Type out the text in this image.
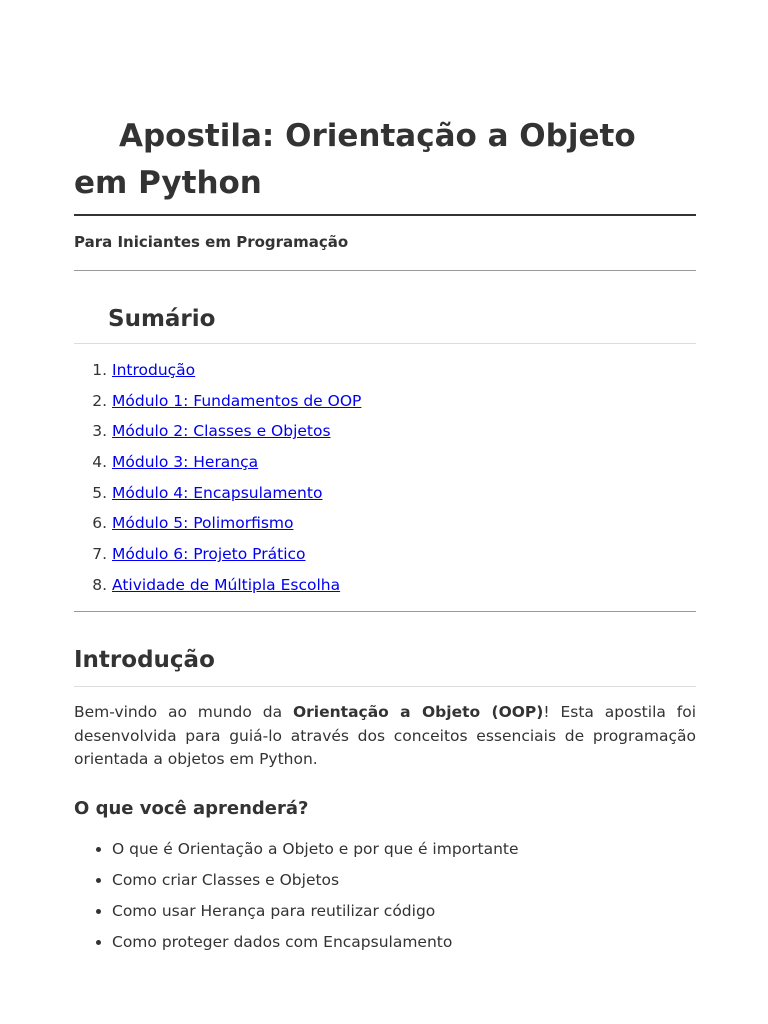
Apostila: Orientação a Objeto em Python

Para Iniciantes em Programação

Sumário
1. Introdução
2. Módulo 1: Fundamentos de OOP
3. Módulo 2: Classes e Objetos
4. Módulo 3: Herança
5. Módulo 4: Encapsulamento
6. Módulo 5: Polimorfismo
7. Módulo 6: Projeto Prático
8. Atividade de Múltipla Escolha
Introdução

Bem-vindo ao mundo da Orientação a Objeto (OOP)! Esta apostila foi desenvolvida para guiá-lo através dos conceitos essenciais de programação orientada a objetos em Python.

O que você aprenderá?
• O que é Orientação a Objeto e por que é importante
• Como criar Classes e Objetos
• Como usar Herança para reutilizar código
• Como proteger dados com Encapsulamento
